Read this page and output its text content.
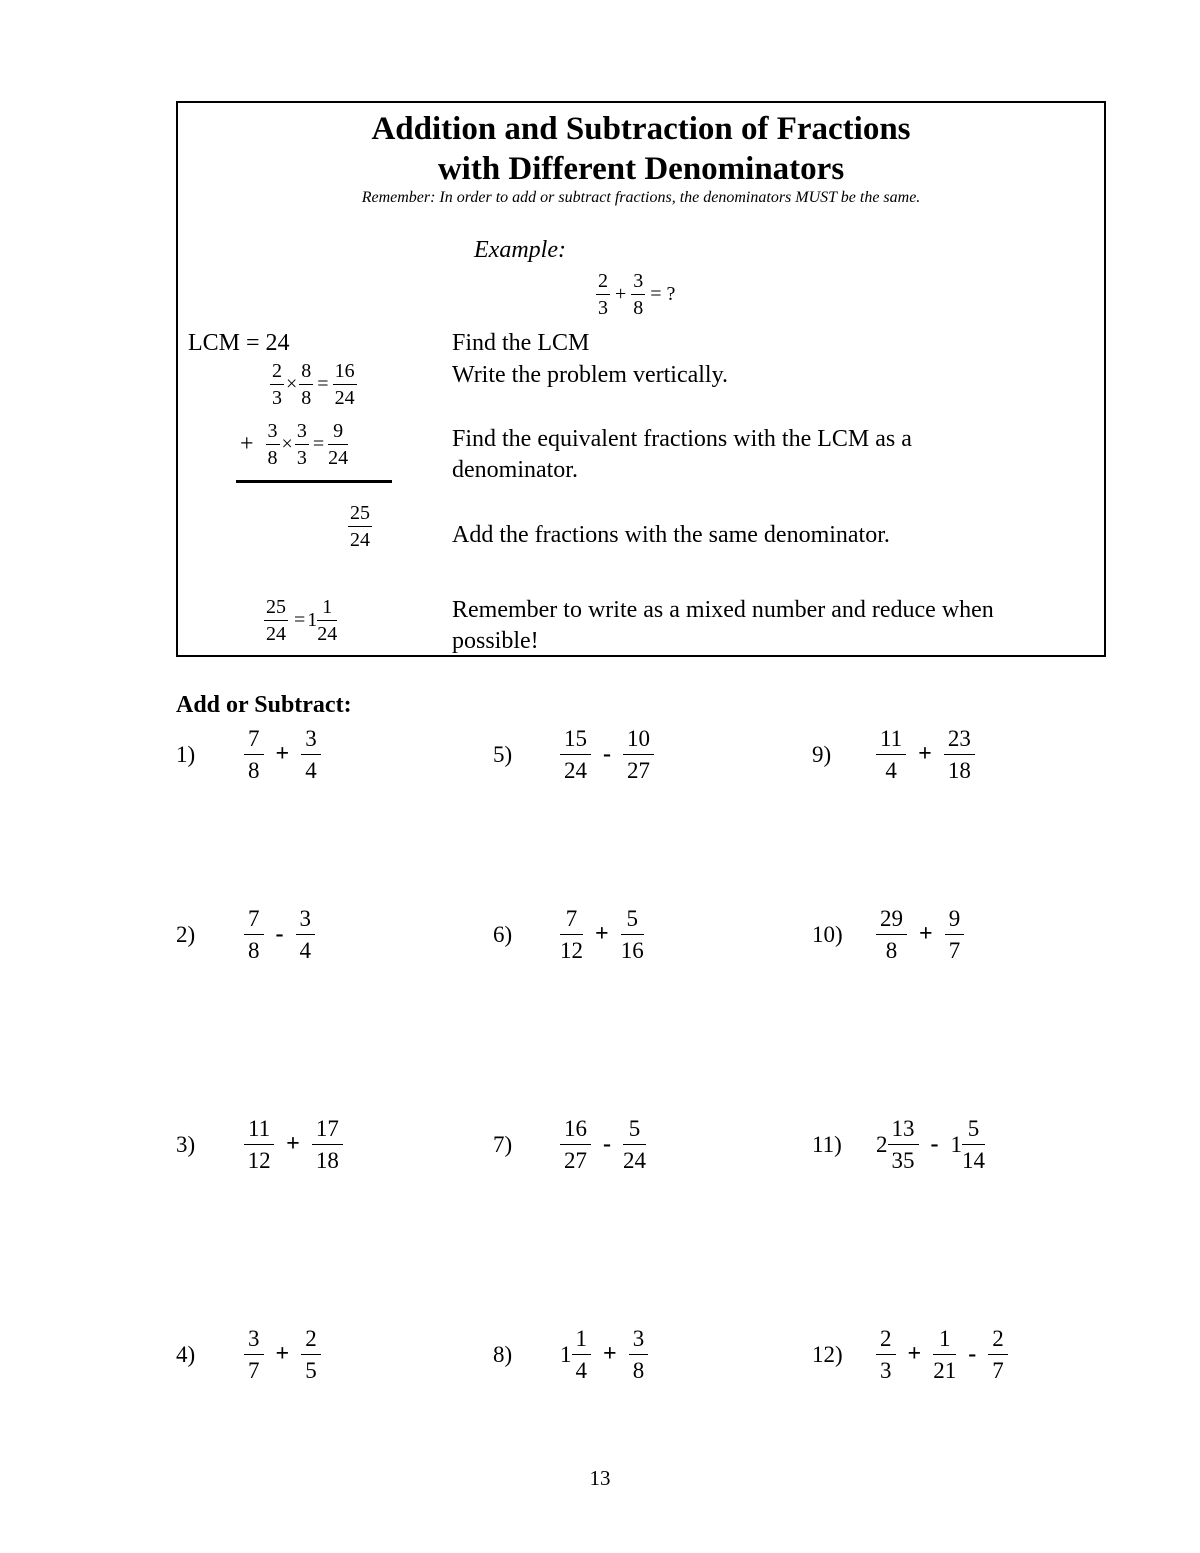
Addition and Subtraction of Fractions
with Different Denominators
Remember: In order to add or subtract fractions, the denominators MUST be the same.
Example:
$\frac{2}{3} + \frac{3}{8}$ = ?
LCM = 24
$\frac{2}{3} \times \frac{8}{8} = \frac{16}{24}$
+ $\frac{3}{8} \times \frac{3}{3} = \frac{9}{24}$
$\frac{25}{24}$
$\frac{25}{24} = 1 \frac{1}{24}$
Find the LCM
Write the problem vertically.
Find the equivalent fractions with the LCM as a
denominator.
Add the fractions with the same denominator.
Remember to write as a mixed number and reduce when
possible!
Add or Subtract:
$1) \frac{7}{8} + \frac{3}{4}$
$2) \frac{7}{8} - \frac{3}{4}$
$3) \frac{11}{12} + \frac{17}{18}$
$4) \frac{3}{7} + \frac{2}{5}$
$5) \frac{15}{24} - \frac{10}{27}$
$6) \frac{7}{12} + \frac{5}{16}$
$7) \frac{16}{27} - \frac{5}{24}$
8) $1 \frac{1}{4} + \frac{3}{8}$
$9) \frac{11}{4} + \frac{23}{18}$
$10) \frac{29}{8} + \frac{9}{7}$
11) $2 \frac{13}{35} - 1 \frac{5}{14}$
$12) \frac{2}{3} + \frac{1}{21} - \frac{2}{7}$
13
